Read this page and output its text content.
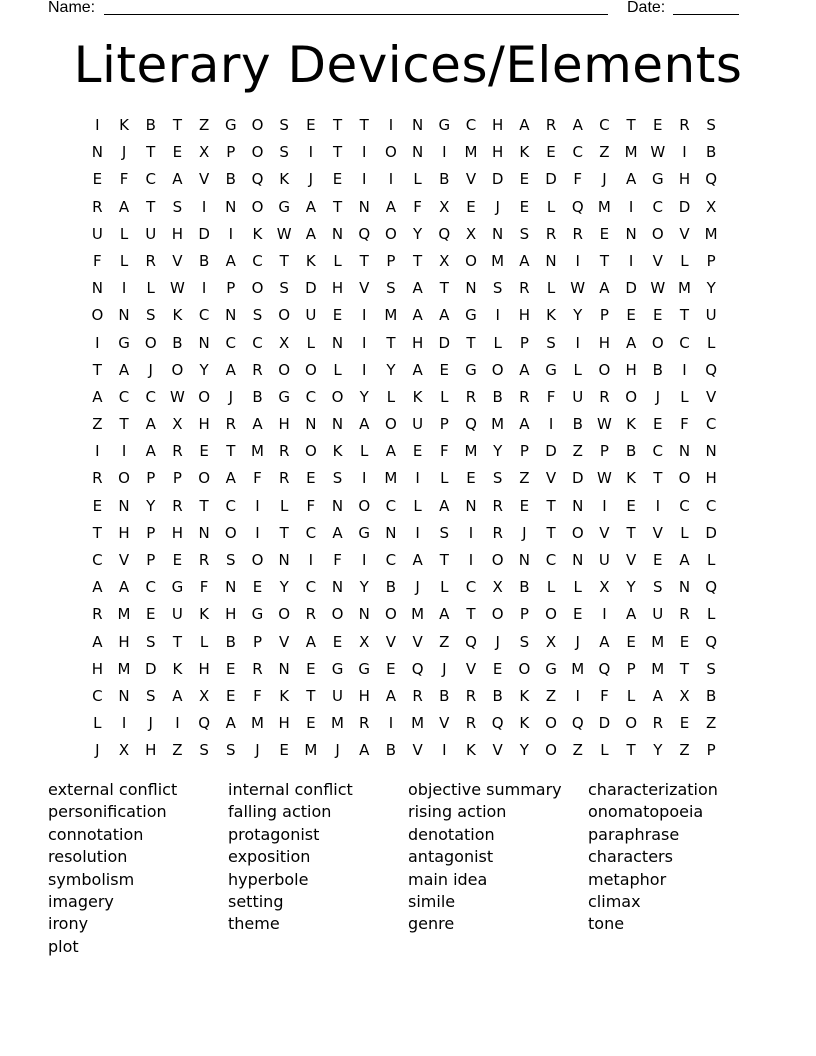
Name:	Date:
Literary Devices/Elements
I	K	B	T	Z	G O	S	E	T	T	I	N	G	C	H	A	R	A	C	T	E	R	S
N	J	T	E	X	P	O	S	I	T	I	O	N	I	M H	K	E	C	Z	M W	I	B
E	F	C	A	V	B	Q	K	J	E	I	I	L	B	V	D	E	D	F	J	A	G	H	Q
R	A	T	S	I	N	O G	A	T	N	A	F	X	E	J	E	L	Q M	I	C	D	X
U	L	U	H	D	I	K W A	N	Q O	Y	Q	X	N	S	R	R	E	N	O	V	M
F	L	R	V	B	A	C	T	K	L	T	P	T	X	O M	A	N	I	T	I	V	L	P
N	I	L	W	I	P	O	S	D	H	V	S	A	T	N	S	R	L	W A	D W M	Y
O	N	S	K	C	N	S	O	U	E	I	M	A	A	G	I	H	K	Y	P	E	E	T	U
I	G O	B	N	C	C	X	L	N	I	T	H	D	T	L	P	S	I	H	A	O	C	L
T	A	J	O	Y	A	R	O O	L	I	Y	A	E	G O	A	G	L	O	H	B	I	Q
A	C	C W O	J	B	G	C	O	Y	L	K	L	R	B	R	F	U	R	O	J	L	V
Z	T	A	X	H	R	A	H	N	N	A	O	U	P	Q M	A	I	B W K	E	F	C
I	I	A	R	E	T	M	R	O	K	L	A	E	F	M	Y	P	D	Z	P	B	C	N	N
R	O	P	P	O	A	F	R	E	S	I	M	I	L	E	S	Z	V	D W K	T	O	H
E	N	Y	R	T	C	I	L	F	N	O	C	L	A	N	R	E	T	N	I	E	I	C	C
T	H	P	H	N	O	I	T	C	A	G	N	I	S	I	R	J	T	O	V	T	V	L	D
C	V	P	E	R	S	O	N	I	F	I	C	A	T	I	O	N	C	N	U	V	E	A	L
A	A	C	G	F	N	E	Y	C	N	Y	B	J	L	C	X	B	L	L	X	Y	S	N	Q
R M	E	U	K	H	G O	R	O	N	O M	A	T	O	P	O	E	I	A	U	R	L
A	H	S	T	L	B	P	V	A	E	X	V	V	Z	Q	J	S	X	J	A	E	M	E	Q
H M D	K	H	E	R	N	E	G	G	E	Q	J	V	E	O G M Q	P	M	T	S
C	N	S	A	X	E	F	K	T	U	H	A	R	B	R	B	K	Z	I	F	L	A	X	B
L	I	J	I	Q	A	M H	E	M	R	I	M	V	R	Q	K	O Q	D	O	R	E	Z
J	X	H	Z	S	S	J	E	M	J	A	B	V	I	K	V	Y	O	Z	L	T	Y	Z	P
external conflict
personification
connotation
resolution
symbolism
imagery
irony
plot
internal conflict
falling action
protagonist
exposition
hyperbole
setting
theme
objective summary
rising action
denotation
antagonist
main idea
simile
genre
characterization
onomatopoeia
paraphrase
characters
metaphor
climax
tone
